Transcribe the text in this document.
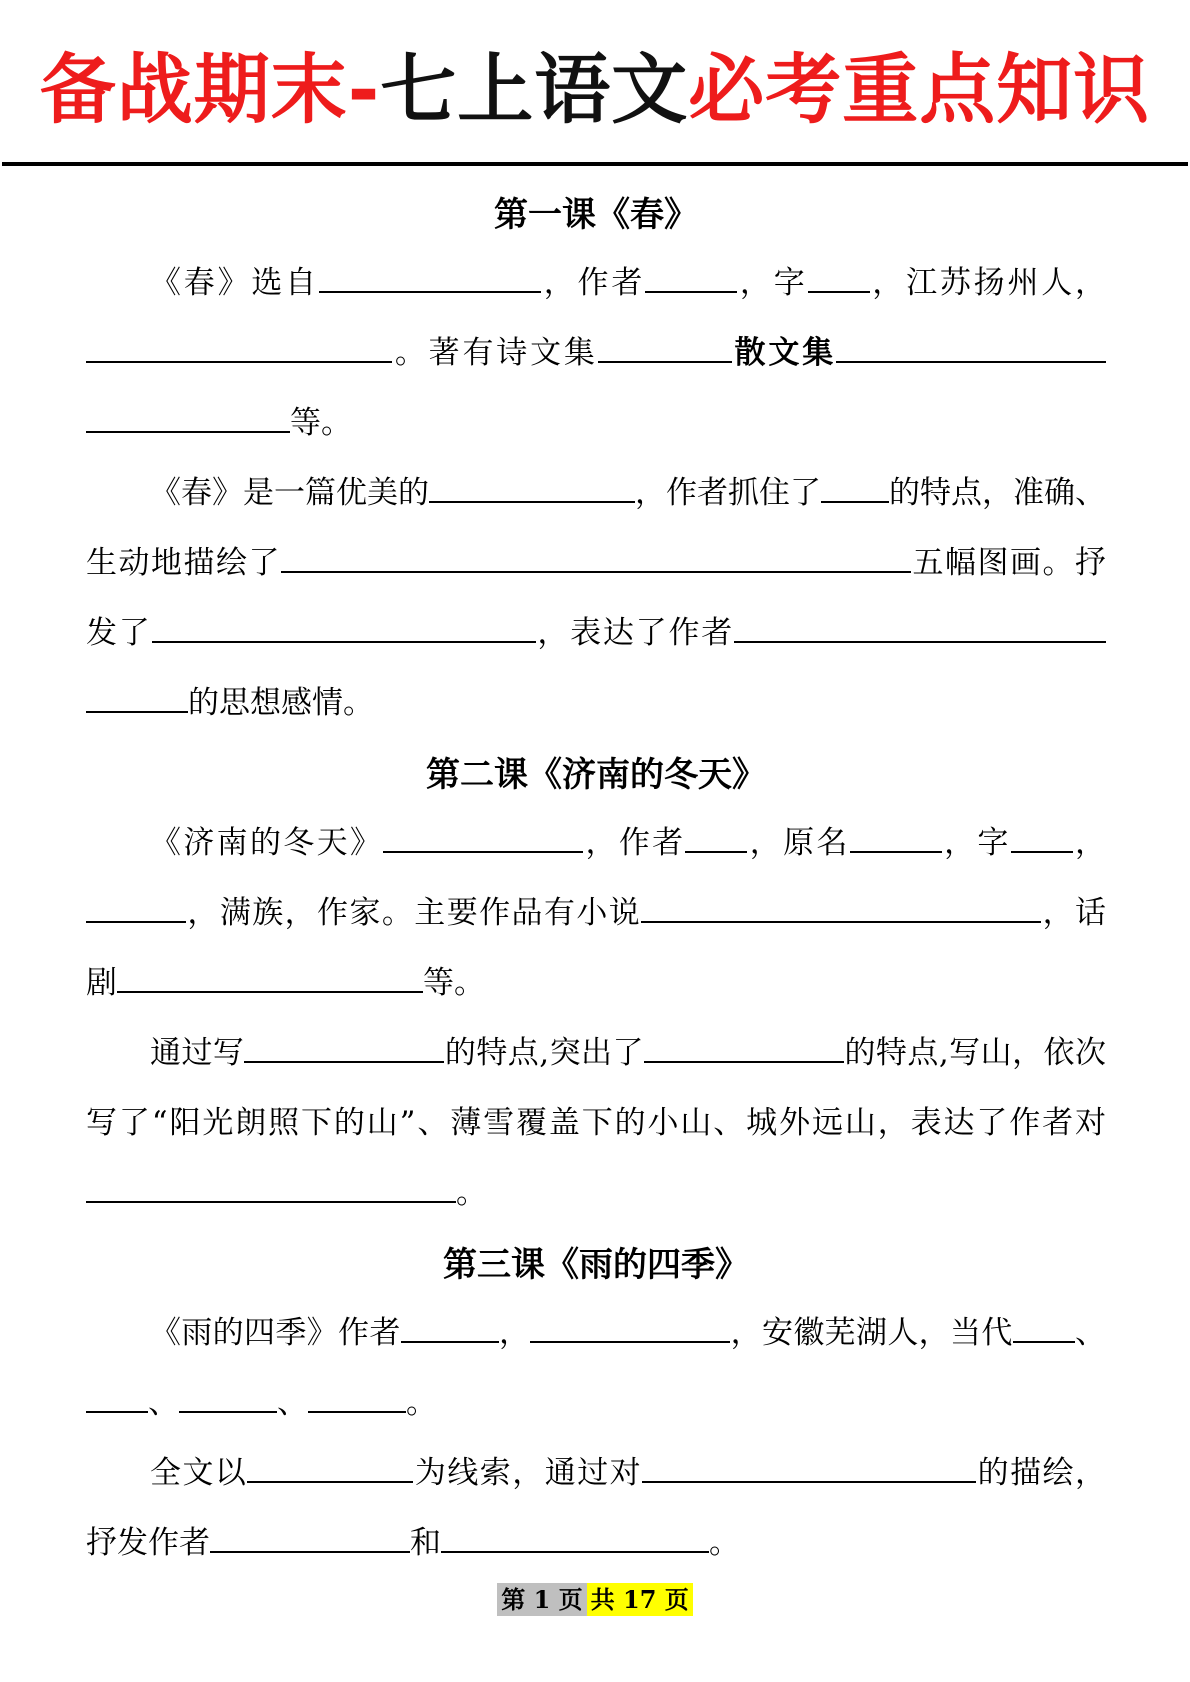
备战期末-七上语文必考重点知识
第一课《春》
《春》选自	，作者	，字 ，江苏扬州人，。著有诗文集	散文集等。
《春》是一篇优美的	，作者抓住了 的特点，准确、生动地描绘了	五幅图画。抒发了	，表达了作者的思想感情。
第二课《济南的冬天》
《济南的冬天》	，作者 ，原名	，字 ，，满族，作家。主要作品有小说	，话剧	等。
通过写	的特点,突出了	的特点,写山，依次写了“阳光朗照下的山”、薄雪覆盖下的小山、城外远山，表达了作者对。
第三课《雨的四季》
《雨的四季》作者	，	，安徽芜湖人，当代 、、	、	。
全文以	为线索，通过对	的描绘，抒发作者	和	。
第 1 页 共 17 页
